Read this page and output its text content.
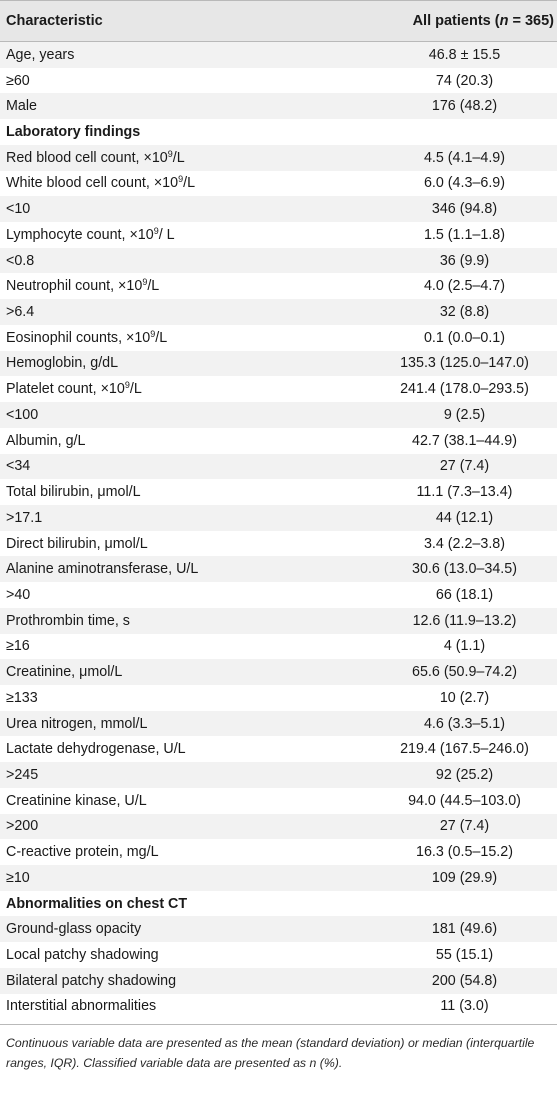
Characteristic	All patients (n = 365)
Age, years	46.8 ± 15.5
≥60	74 (20.3)
Male	176 (48.2)
Laboratory findings
Red blood cell count, $\times 10^9/L$	4.5 (4.1–4.9)
White blood cell count, $\times 10^9/L$	6.0 (4.3–6.9)
<10	346 (94.8)
Lymphocyte count, $\times 10^9/$ L	1.5 (1.1–1.8)
<0.8	36 (9.9)
Neutrophil count, $\times 10^9/L$	4.0 (2.5–4.7)
>6.4	32 (8.8)
Eosinophil counts, $\times 10^9/L$	0.1 (0.0–0.1)
Hemoglobin, g/dL	135.3 (125.0–147.0)
Platelet count, $\times 10^9/L$	241.4 (178.0–293.5)
<100	9 (2.5)
Albumin, g/L	42.7 (38.1–44.9)
<34	27 (7.4)
Total bilirubin, μmol/L	11.1 (7.3–13.4)
>17.1	44 (12.1)
Direct bilirubin, μmol/L	3.4 (2.2–3.8)
Alanine aminotransferase, U/L	30.6 (13.0–34.5)
>40	66 (18.1)
Prothrombin time, s	12.6 (11.9–13.2)
≥16	4 (1.1)
Creatinine, μmol/L	65.6 (50.9–74.2)
≥133	10 (2.7)
Urea nitrogen, mmol/L	4.6 (3.3–5.1)
Lactate dehydrogenase, U/L	219.4 (167.5–246.0)
>245	92 (25.2)
Creatinine kinase, U/L	94.0 (44.5–103.0)
>200	27 (7.4)
C-reactive protein, mg/L	16.3 (0.5–15.2)
≥10	109 (29.9)
Abnormalities on chest CT
Ground-glass opacity	181 (49.6)
Local patchy shadowing	55 (15.1)
Bilateral patchy shadowing	200 (54.8)
Interstitial abnormalities	11 (3.0)
Continuous variable data are presented as the mean (standard deviation) or median (interquartile ranges, IQR). Classified variable data are presented as n (%).
